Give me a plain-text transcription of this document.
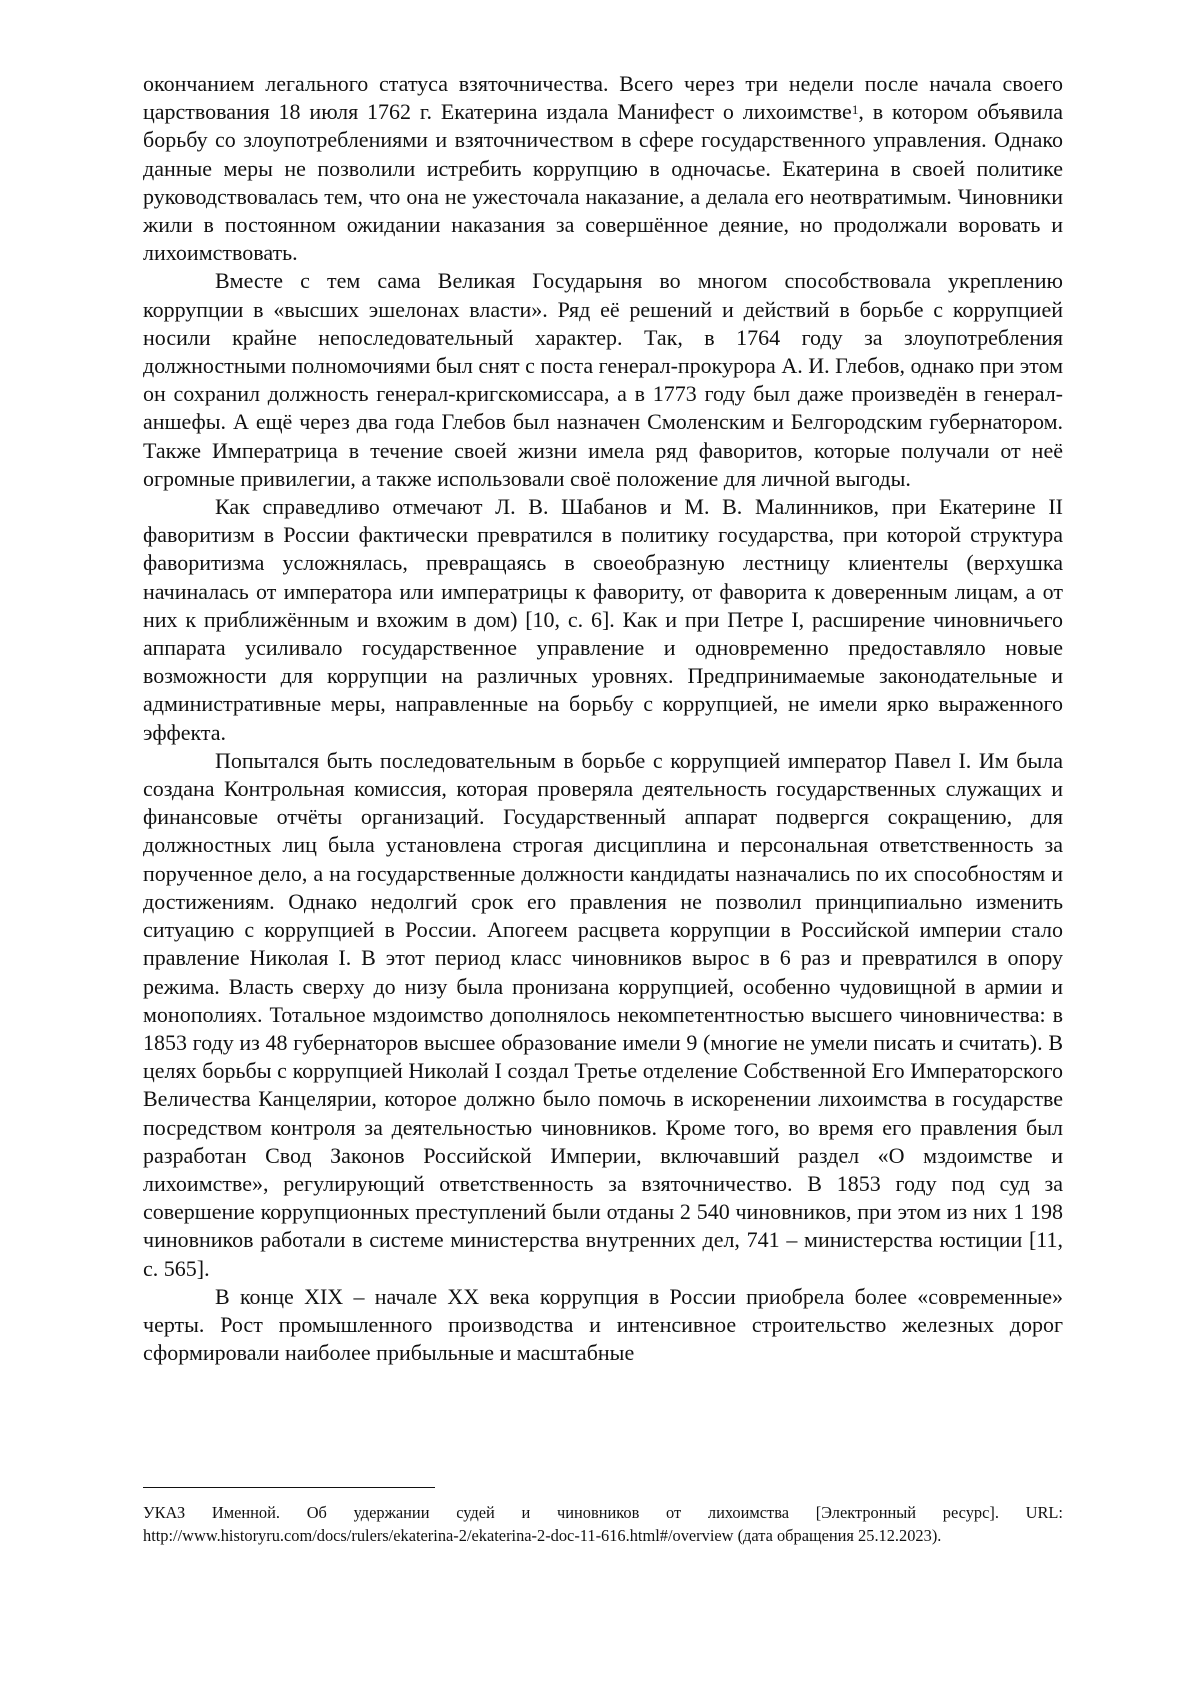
окончанием легального статуса взяточничества. Всего через три недели после начала своего царствования 18 июля 1762 г. Екатерина издала Манифест о лихоимстве$^1$, в котором объявила борьбу со злоупотреблениями и взяточничеством в сфере государственного управления. Однако данные меры не позволили истребить коррупцию в одночасье. Екатерина в своей политике руководствовалась тем, что она не ужесточала наказание, а делала его неотвратимым. Чиновники жили в постоянном ожидании наказания за совершённое деяние, но продолжали воровать и лихоимствовать.

Вместе с тем сама Великая Государыня во многом способствовала укреплению коррупции в «высших эшелонах власти». Ряд её решений и действий в борьбе с коррупцией носили крайне непоследовательный характер. Так, в 1764 году за злоупотребления должностными полномочиями был снят с поста генерал-прокурора А. И. Глебов, однако при этом он сохранил должность генерал-кригскомиссара, а в 1773 году был даже произведён в генерал-аншефы. А ещё через два года Глебов был назначен Смоленским и Белгородским губернатором. Также Императрица в течение своей жизни имела ряд фаворитов, которые получали от неё огромные привилегии, а также использовали своё положение для личной выгоды.

Как справедливо отмечают Л. В. Шабанов и М. В. Малинников, при Екатерине II фаворитизм в России фактически превратился в политику государства, при которой структура фаворитизма усложнялась, превращаясь в своеобразную лестницу клиентелы (верхушка начиналась от императора или императрицы к фавориту, от фаворита к доверенным лицам, а от них к приближённым и вхожим в дом) [10, с. 6]. Как и при Петре I, расширение чиновничьего аппарата усиливало государственное управление и одновременно предоставляло новые возможности для коррупции на различных уровнях. Предпринимаемые законодательные и административные меры, направленные на борьбу с коррупцией, не имели ярко выраженного эффекта.

Попытался быть последовательным в борьбе с коррупцией император Павел I. Им была создана Контрольная комиссия, которая проверяла деятельность государственных служащих и финансовые отчёты организаций. Государственный аппарат подвергся сокращению, для должностных лиц была установлена строгая дисциплина и персональная ответственность за порученное дело, а на государственные должности кандидаты назначались по их способностям и достижениям. Однако недолгий срок его правления не позволил принципиально изменить ситуацию с коррупцией в России. Апогеем расцвета коррупции в Российской империи стало правление Николая I. В этот период класс чиновников вырос в 6 раз и превратился в опору режима. Власть сверху до низу была пронизана коррупцией, особенно чудовищной в армии и монополиях. Тотальное мздоимство дополнялось некомпетентностью высшего чиновничества: в 1853 году из 48 губернаторов высшее образование имели 9 (многие не умели писать и считать). В целях борьбы с коррупцией Николай I создал Третье отделение Собственной Его Императорского Величества Канцелярии, которое должно было помочь в искоренении лихоимства в государстве посредством контроля за деятельностью чиновников. Кроме того, во время его правления был разработан Свод Законов Российской Империи, включавший раздел «О мздоимстве и лихоимстве», регулирующий ответственность за взяточничество. В 1853 году под суд за совершение коррупционных преступлений были отданы 2 540 чиновников, при этом из них 1 198 чиновников работали в системе министерства внутренних дел, 741 – министерства юстиции [11, с. 565].

В конце XIX – начале XX века коррупция в России приобрела более «современные» черты. Рост промышленного производства и интенсивное строительство железных дорог сформировали наиболее прибыльные и масштабные

УКАЗ Именной. Об удержании судей и чиновников от лихоимства [Электронный ресурс]. URL: http://www.historyru.com/docs/rulers/ekaterina-2/ekaterina-2-doc-11-616.html#/overview (дата обращения 25.12.2023).
